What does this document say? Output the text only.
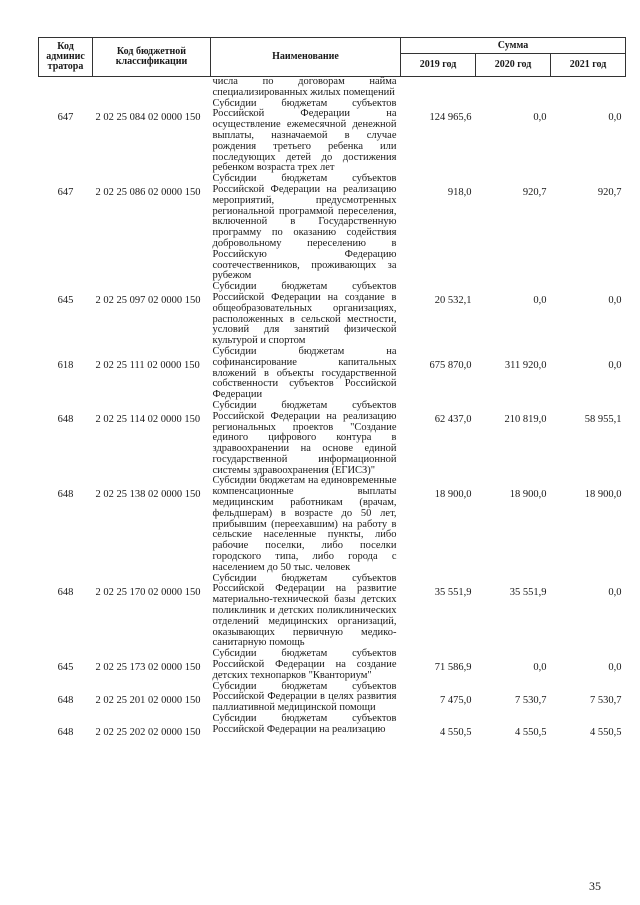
Код админис тратора	Код бюджетной классификации	Наименование	Сумма		
			2019 год	2020 год	2021 год
		числа по договорам найма специализированных жилых помещений			
647	2 02 25 084 02 0000 150	Субсидии бюджетам субъектов Российской Федерации на осуществление ежемесячной денежной выплаты, назначаемой в случае рождения третьего ребенка или последующих детей до достижения ребенком возраста трех лет	124 965,6	0,0	0,0
647	2 02 25 086 02 0000 150	Субсидии бюджетам субъектов Российской Федерации на реализацию мероприятий, предусмотренных региональной программой переселения, включенной в Государственную программу по оказанию содействия добровольному переселению в Российскую Федерацию соотечественников, проживающих за рубежом	918,0	920,7	920,7
645	2 02 25 097 02 0000 150	Субсидии бюджетам субъектов Российской Федерации на создание в общеобразовательных организациях, расположенных в сельской местности, условий для занятий физической культурой и спортом	20 532,1	0,0	0,0
618	2 02 25 111 02 0000 150	Субсидии бюджетам на софинансирование капитальных вложений в объекты государственной собственности субъектов Российской Федерации	675 870,0	311 920,0	0,0
648	2 02 25 114 02 0000 150	Субсидии бюджетам субъектов Российской Федерации на реализацию региональных проектов "Создание единого цифрового контура в здравоохранении на основе единой государственной информационной системы здравоохранения (ЕГИСЗ)"	62 437,0	210 819,0	58 955,1
648	2 02 25 138 02 0000 150	Субсидии бюджетам на единовременные компенсационные выплаты медицинским работникам (врачам, фельдшерам) в возрасте до 50 лет, прибывшим (переехавшим) на работу в сельские населенные пункты, либо рабочие поселки, либо поселки городского типа, либо города с населением до 50 тыс. человек	18 900,0	18 900,0	18 900,0
648	2 02 25 170 02 0000 150	Субсидии бюджетам субъектов Российской Федерации на развитие материально-технической базы детских поликлиник и детских поликлинических отделений медицинских организаций, оказывающих первичную медико-санитарную помощь	35 551,9	35 551,9	0,0
645	2 02 25 173 02 0000 150	Субсидии бюджетам субъектов Российской Федерации на создание детских технопарков "Кванториум"	71 586,9	0,0	0,0
648	2 02 25 201 02 0000 150	Субсидии бюджетам субъектов Российской Федерации в целях развития паллиативной медицинской помощи	7 475,0	7 530,7	7 530,7
648	2 02 25 202 02 0000 150	Субсидии бюджетам субъектов Российской Федерации на реализацию	4 550,5	4 550,5	4 550,5
35
